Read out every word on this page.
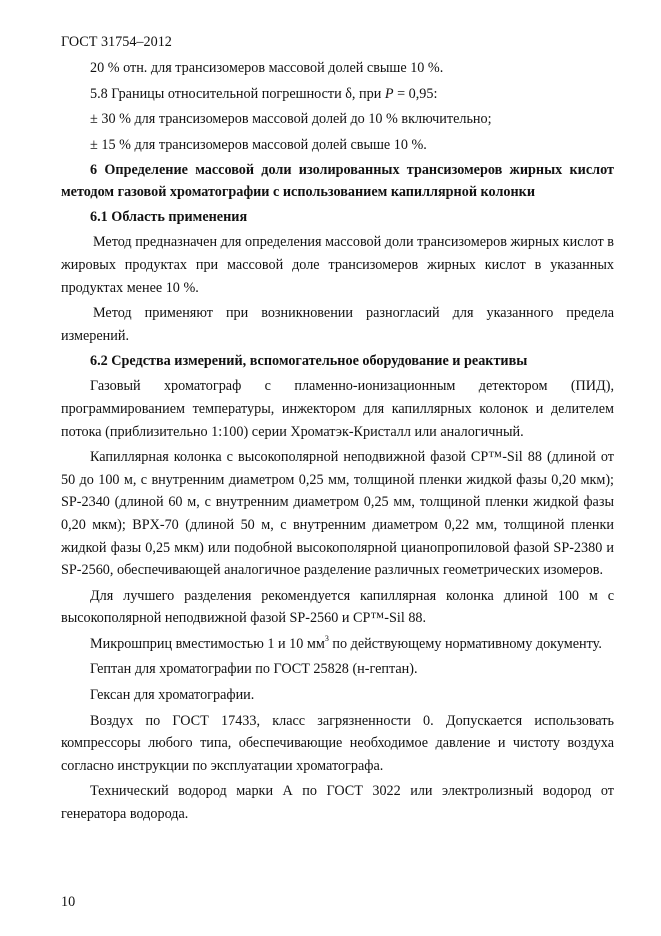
ГОСТ 31754–2012

20 % отн. для трансизомеров массовой долей свыше 10 %.

5.8 Границы относительной погрешности δ, при P = 0,95:

± 30 % для трансизомеров массовой долей до 10 % включительно;

± 15 % для трансизомеров массовой долей свыше 10 %.

6 Определение массовой доли изолированных трансизомеров жирных кислот методом газовой хроматографии с использованием капиллярной колонки

6.1 Область применения

Метод предназначен для определения массовой доли трансизомеров жирных кислот в жировых продуктах при массовой доле трансизомеров жирных кислот в указанных продуктах менее 10 %.

Метод применяют при возникновении разногласий для указанного предела измерений.

6.2 Средства измерений, вспомогательное оборудование и реактивы

Газовый хроматограф с пламенно-ионизационным детектором (ПИД), программированием температуры, инжектором для капиллярных колонок и делителем потока (приблизительно 1:100) серии Хроматэк-Кристалл или аналогичный.

Капиллярная колонка с высокополярной неподвижной фазой CP™-Sil 88 (длиной от 50 до 100 м, с внутренним диаметром 0,25 мм, толщиной пленки жидкой фазы 0,20 мкм); SP-2340 (длиной 60 м, с внутренним диаметром 0,25 мм, толщиной пленки жидкой фазы 0,20 мкм); BPX-70 (длиной 50 м, с внутренним диаметром 0,22 мм, толщиной пленки жидкой фазы 0,25 мкм) или подобной высокополярной цианопропиловой фазой SP-2380 и SP-2560, обеспечивающей аналогичное разделение различных геометрических изомеров.

Для лучшего разделения рекомендуется капиллярная колонка длиной 100 м с высокополярной неподвижной фазой SP-2560 и CP™-Sil 88.

Микрошприц вместимостью 1 и 10 $мм^3$ по действующему нормативному документу.

Гептан для хроматографии по ГОСТ 25828 (н-гептан).

Гексан для хроматографии.

Воздух по ГОСТ 17433, класс загрязненности 0. Допускается использовать компрессоры любого типа, обеспечивающие необходимое давление и чистоту воздуха согласно инструкции по эксплуатации хроматографа.

Технический водород марки А по ГОСТ 3022 или электролизный водород от генератора водорода.

10
